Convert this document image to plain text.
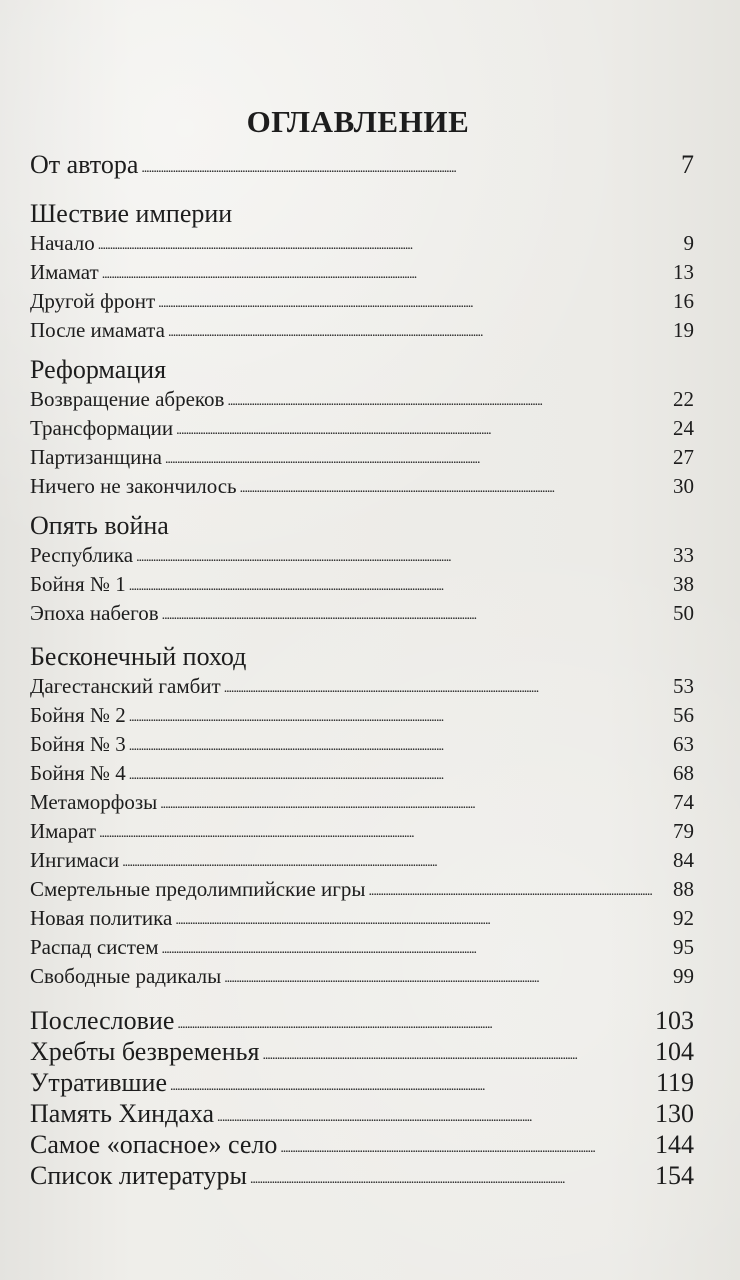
ОГЛАВЛЕНИЕ
От автора . . .	7
Шествие империи
Начало . . .	9
Имамат . . .	13
Другой фронт . . .	16
После имамата . . .	19
Реформация
Возвращение абреков . . .	22
Трансформации . . .	24
Партизанщина . . .	27
Ничего не закончилось . . .	30
Опять война
Республика . . .	33
Бойня № 1 . . .	38
Эпоха набегов . . .	50
Бесконечный поход
Дагестанский гамбит . . .	53
Бойня № 2 . . .	56
Бойня № 3 . . .	63
Бойня № 4 . . .	68
Метаморфозы . . .	74
Имарат . . .	79
Ингимаси . . .	84
Смертельные предолимпийские игры . . .	88
Новая политика . . .	92
Распад систем . . .	95
Свободные радикалы . . .	99
Послесловие . . .	103
Хребты безвременья . . .	104
Утратившие . . .	119
Память Хиндаха . . .	130
Самое «опасное» село . . .	144
Список литературы . . .	154
